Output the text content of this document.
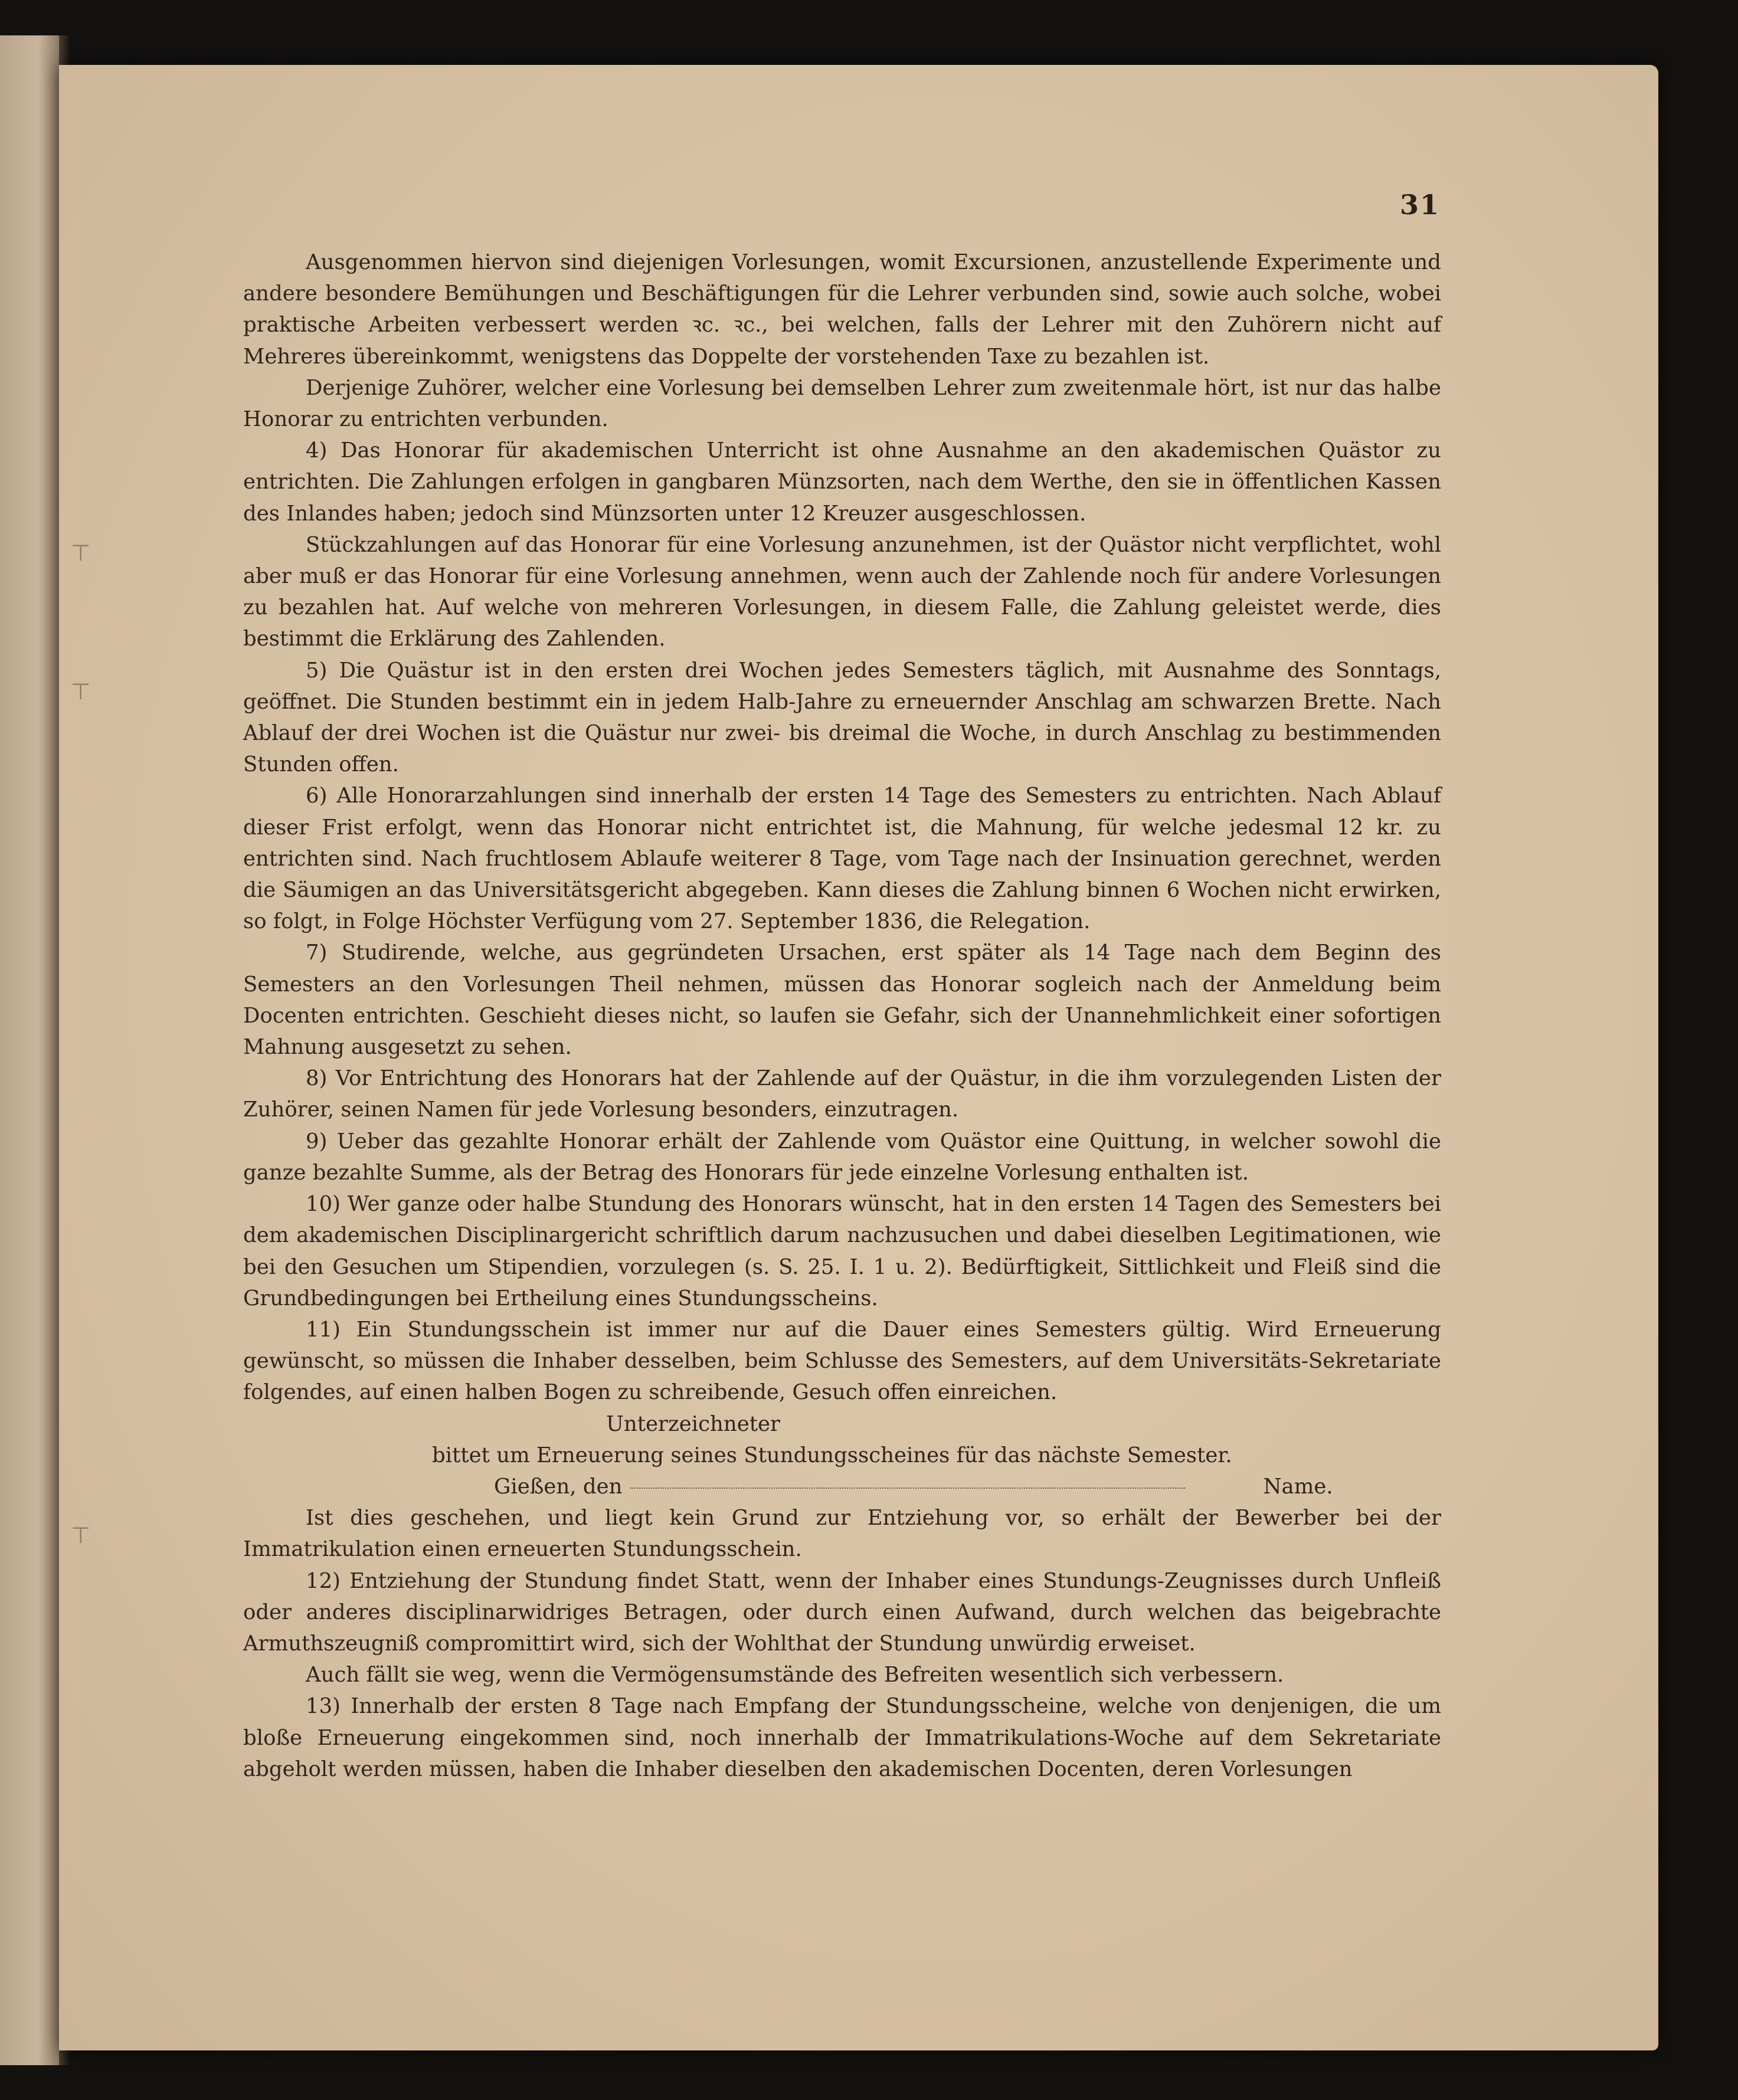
⊤
⊤
⊤
31

Ausgenommen hiervon sind diejenigen Vorlesungen, womit Excursionen, anzustellende Experimente und andere besondere Bemühungen und Beschäftigungen für die Lehrer verbunden sind, sowie auch solche, wobei praktische Arbeiten verbessert werden ꝛc. ꝛc., bei welchen, falls der Lehrer mit den Zuhörern nicht auf Mehreres übereinkommt, wenigstens das Doppelte der vorstehenden Taxe zu bezahlen ist.

Derjenige Zuhörer, welcher eine Vorlesung bei demselben Lehrer zum zweitenmale hört, ist nur das halbe Honorar zu entrichten verbunden.

4) Das Honorar für akademischen Unterricht ist ohne Ausnahme an den akademischen Quästor zu entrichten. Die Zahlungen erfolgen in gangbaren Münzsorten, nach dem Werthe, den sie in öffentlichen Kassen des Inlandes haben; jedoch sind Münzsorten unter 12 Kreuzer ausgeschlossen.

Stückzahlungen auf das Honorar für eine Vorlesung anzunehmen, ist der Quästor nicht verpflichtet, wohl aber muß er das Honorar für eine Vorlesung annehmen, wenn auch der Zahlende noch für andere Vorlesungen zu bezahlen hat. Auf welche von mehreren Vorlesungen, in diesem Falle, die Zahlung geleistet werde, dies bestimmt die Erklärung des Zahlenden.

5) Die Quästur ist in den ersten drei Wochen jedes Semesters täglich, mit Ausnahme des Sonntags, geöffnet. Die Stunden bestimmt ein in jedem Halb-Jahre zu erneuernder Anschlag am schwarzen Brette. Nach Ablauf der drei Wochen ist die Quästur nur zwei- bis dreimal die Woche, in durch Anschlag zu bestimmenden Stunden offen.

6) Alle Honorarzahlungen sind innerhalb der ersten 14 Tage des Semesters zu entrichten. Nach Ablauf dieser Frist erfolgt, wenn das Honorar nicht entrichtet ist, die Mahnung, für welche jedesmal 12 kr. zu entrichten sind. Nach fruchtlosem Ablaufe weiterer 8 Tage, vom Tage nach der Insinuation gerechnet, werden die Säumigen an das Universitätsgericht abgegeben. Kann dieses die Zahlung binnen 6 Wochen nicht erwirken, so folgt, in Folge Höchster Verfügung vom 27. September 1836, die Relegation.

7) Studirende, welche, aus gegründeten Ursachen, erst später als 14 Tage nach dem Beginn des Semesters an den Vorlesungen Theil nehmen, müssen das Honorar sogleich nach der Anmeldung beim Docenten entrichten. Geschieht dieses nicht, so laufen sie Gefahr, sich der Unannehmlichkeit einer sofortigen Mahnung ausgesetzt zu sehen.

8) Vor Entrichtung des Honorars hat der Zahlende auf der Quästur, in die ihm vorzulegenden Listen der Zuhörer, seinen Namen für jede Vorlesung besonders, einzutragen.

9) Ueber das gezahlte Honorar erhält der Zahlende vom Quästor eine Quittung, in welcher sowohl die ganze bezahlte Summe, als der Betrag des Honorars für jede einzelne Vorlesung enthalten ist.

10) Wer ganze oder halbe Stundung des Honorars wünscht, hat in den ersten 14 Tagen des Semesters bei dem akademischen Disciplinargericht schriftlich darum nachzusuchen und dabei dieselben Legitimationen, wie bei den Gesuchen um Stipendien, vorzulegen (s. S. 25. I. 1 u. 2). Bedürftigkeit, Sittlichkeit und Fleiß sind die Grundbedingungen bei Ertheilung eines Stundungsscheins.

11) Ein Stundungsschein ist immer nur auf die Dauer eines Semesters gültig. Wird Erneuerung gewünscht, so müssen die Inhaber desselben, beim Schlusse des Semesters, auf dem Universitäts-Sekretariate folgendes, auf einen halben Bogen zu schreibende, Gesuch offen einreichen.

Unterzeichneter

bittet um Erneuerung seines Stundungsscheines für das nächste Semester.

Gießen, den	Name.

Ist dies geschehen, und liegt kein Grund zur Entziehung vor, so erhält der Bewerber bei der Immatrikulation einen erneuerten Stundungsschein.

12) Entziehung der Stundung findet Statt, wenn der Inhaber eines Stundungs-Zeugnisses durch Unfleiß oder anderes disciplinarwidriges Betragen, oder durch einen Aufwand, durch welchen das beigebrachte Armuthszeugniß compromittirt wird, sich der Wohlthat der Stundung unwürdig erweiset.

Auch fällt sie weg, wenn die Vermögensumstände des Befreiten wesentlich sich verbessern.

13) Innerhalb der ersten 8 Tage nach Empfang der Stundungsscheine, welche von denjenigen, die um bloße Erneuerung eingekommen sind, noch innerhalb der Immatrikulations-Woche auf dem Sekretariate abgeholt werden müssen, haben die Inhaber dieselben den akademischen Docenten, deren Vorlesungen
